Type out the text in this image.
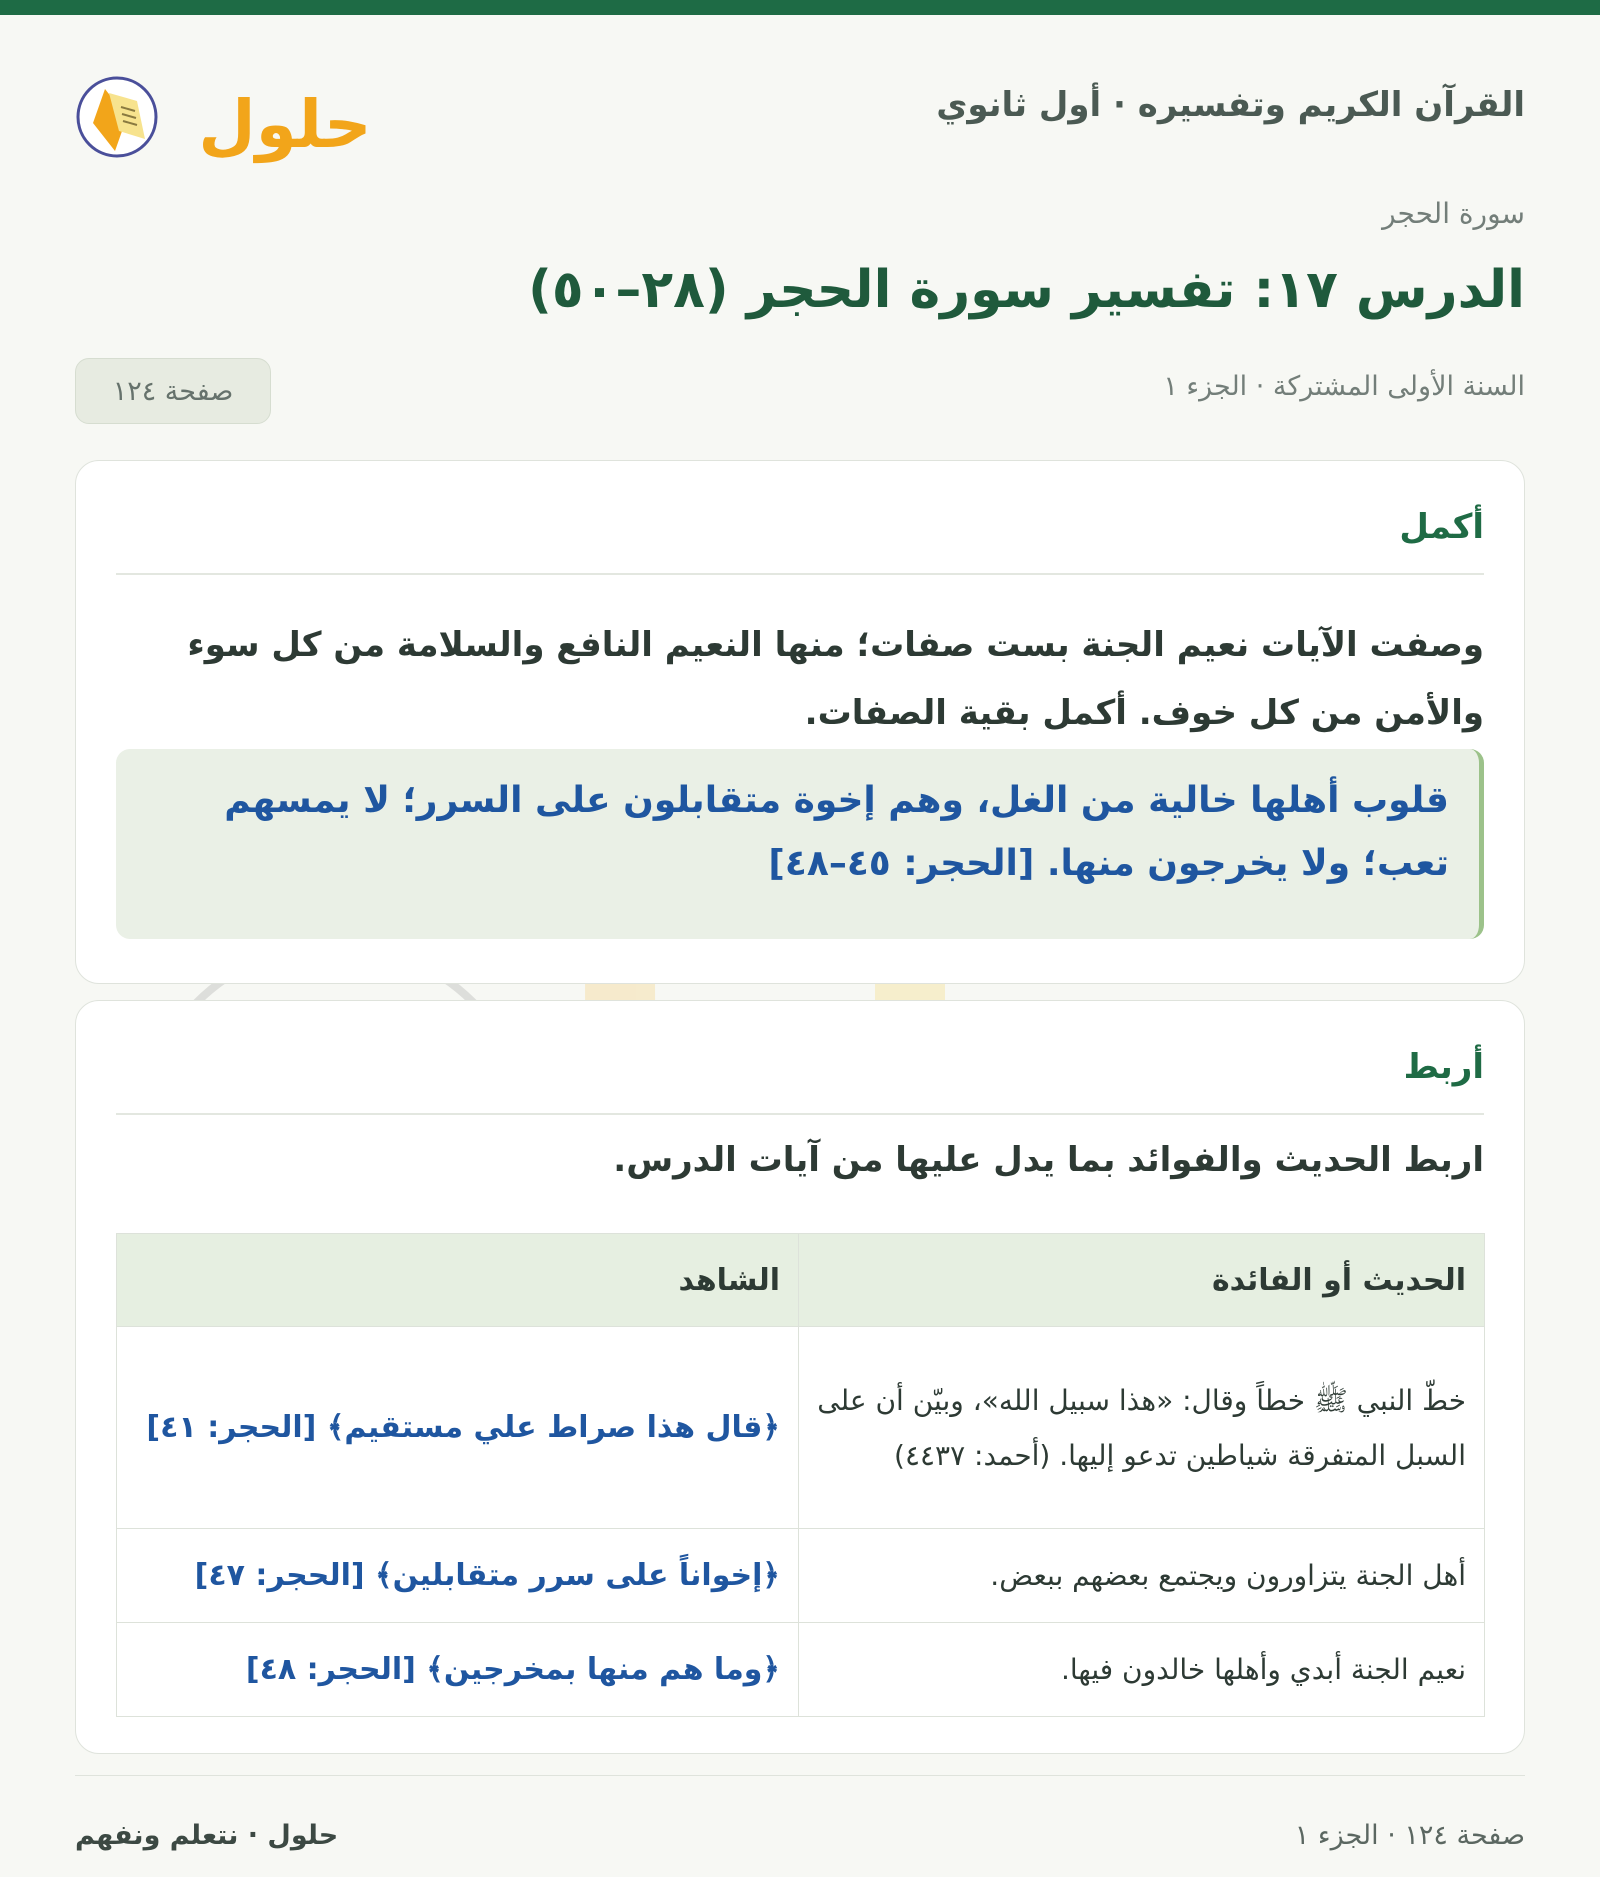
القرآن الكريم وتفسيره · أول ثانوي
حلول
سورة الحجر
الدرس ١٧: تفسير سورة الحجر (٢٨–٥٠)
السنة الأولى المشتركة · الجزء ١
صفحة ١٢٤
أكمل

وصفت الآيات نعيم الجنة بست صفات؛ منها النعيم النافع والسلامة من كل سوء والأمن من كل خوف. أكمل بقية الصفات.

قلوب أهلها خالية من الغل، وهم إخوة متقابلون على السرر؛ لا يمسهم تعب؛ ولا يخرجون منها. [الحجر: ٤٥–٤٨]

أربط

اربط الحديث والفوائد بما يدل عليها من آيات الدرس.

الحديث أو الفائدة	الشاهد
خطّ النبي ﷺ خطاً وقال: «هذا سبيل الله»، وبيّن أن على السبل المتفرقة شياطين تدعو إليها. (أحمد: ٤٤٣٧)	﴿قال هذا صراط علي مستقيم﴾ [الحجر: ٤١]
أهل الجنة يتزاورون ويجتمع بعضهم ببعض.	﴿إخواناً على سرر متقابلين﴾ [الحجر: ٤٧]
نعيم الجنة أبدي وأهلها خالدون فيها.	﴿وما هم منها بمخرجين﴾ [الحجر: ٤٨]
حلول · نتعلم ونفهم	صفحة ١٢٤ · الجزء ١
